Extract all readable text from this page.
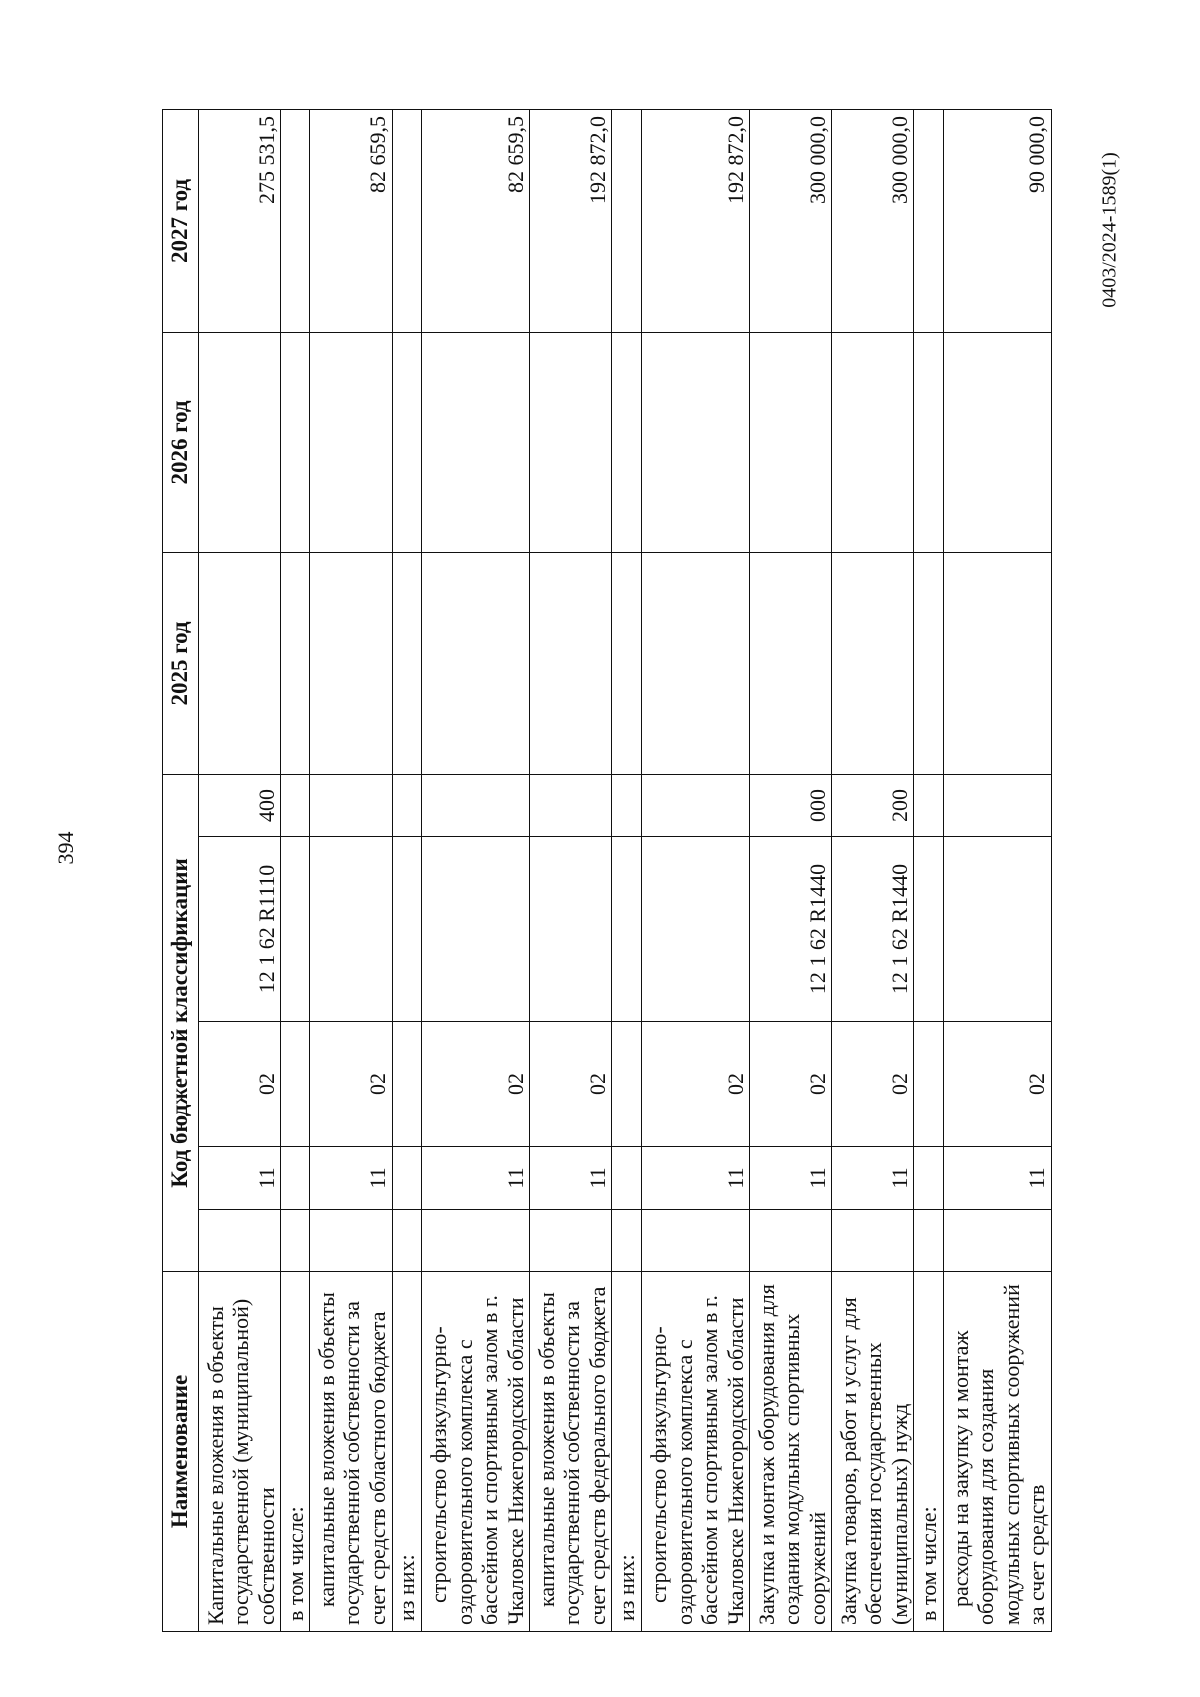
394
0403/2024-1589(1)
Наименование	Код бюджетной классификации					2025 год	2026 год	2027 год
Капитальные вложения в объекты государственной (муниципальной) собственности		11	02	12 1 62 R1110	400			275 531,5
в том числе:								
капитальные вложения в объекты государственной собственности за счет средств областного бюджета		11	02					82 659,5
из них:								
строительство физкультурно-оздоровительного комплекса с бассейном и спортивным залом в г. Чкаловске Нижегородской области		11	02					82 659,5
капитальные вложения в объекты государственной собственности за счет средств федерального бюджета		11	02					192 872,0
из них:								
строительство физкультурно-оздоровительного комплекса с бассейном и спортивным залом в г. Чкаловске Нижегородской области		11	02					192 872,0
Закупка и монтаж оборудования для создания модульных спортивных сооружений		11	02	12 1 62 R1440	000			300 000,0
Закупка товаров, работ и услуг для обеспечения государственных (муниципальных) нужд		11	02	12 1 62 R1440	200			300 000,0
в том числе:								
расходы на закупку и монтаж оборудования для создания модульных спортивных сооружений за счет средств		11	02					90 000,0
